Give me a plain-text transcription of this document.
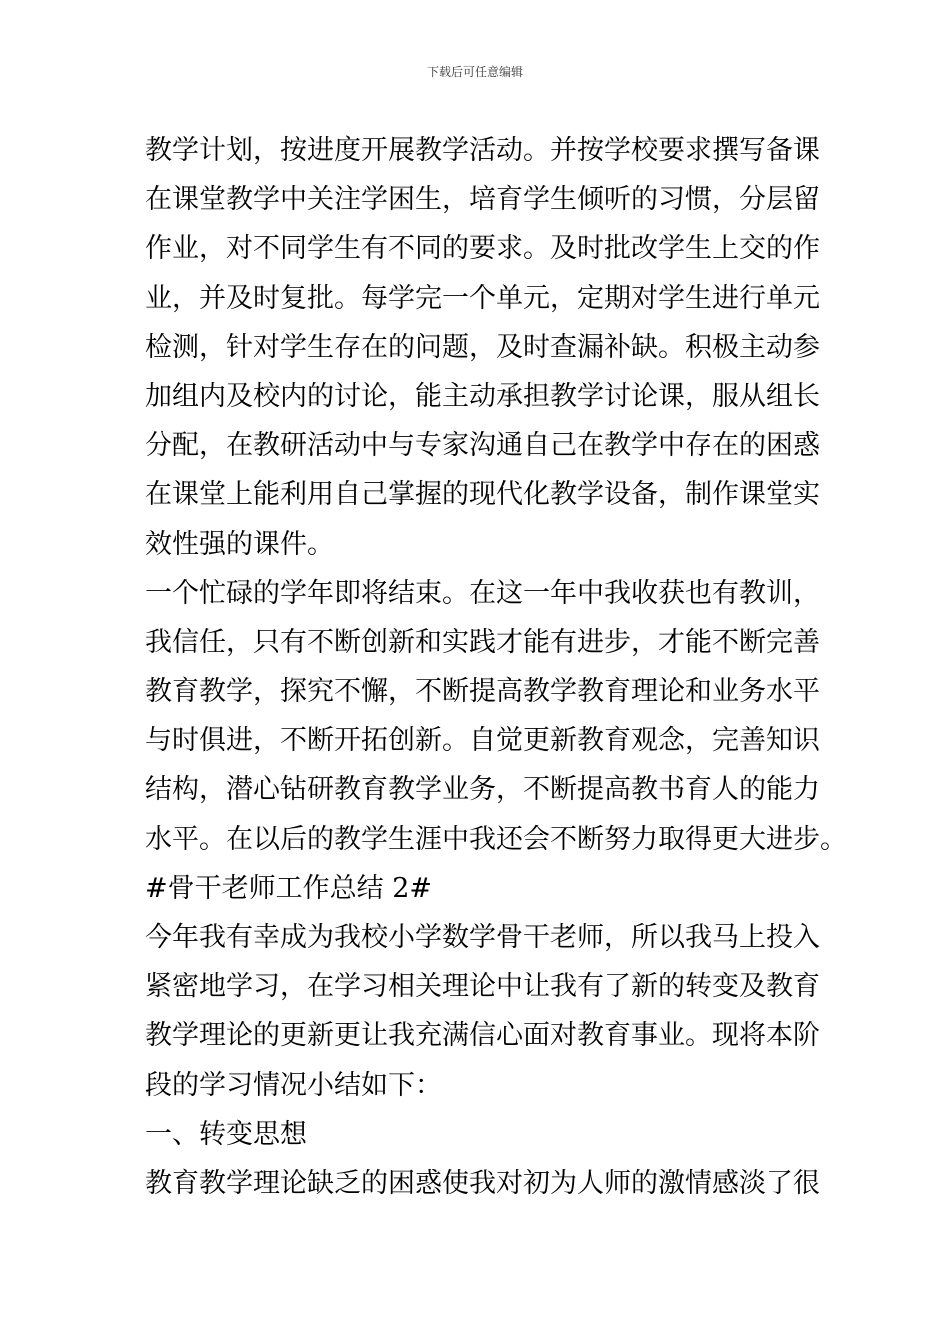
下载后可任意编辑
教学计划，按进度开展教学活动。并按学校要求撰写备课
在课堂教学中关注学困生，培育学生倾听的习惯，分层留
作业，对不同学生有不同的要求。及时批改学生上交的作
业，并及时复批。每学完一个单元，定期对学生进行单元
检测，针对学生存在的问题，及时查漏补缺。积极主动参
加组内及校内的讨论，能主动承担教学讨论课，服从组长
分配，在教研活动中与专家沟通自己在教学中存在的困惑
在课堂上能利用自己掌握的现代化教学设备，制作课堂实
效性强的课件。
一个忙碌的学年即将结束。在这一年中我收获也有教训，
我信任，只有不断创新和实践才能有进步，才能不断完善
教育教学，探究不懈，不断提高教学教育理论和业务水平
与时俱进，不断开拓创新。自觉更新教育观念，完善知识
结构，潜心钻研教育教学业务，不断提高教书育人的能力
水平。在以后的教学生涯中我还会不断努力取得更大进步。
#骨干老师工作总结 2#
今年我有幸成为我校小学数学骨干老师，所以我马上投入
紧密地学习，在学习相关理论中让我有了新的转变及教育
教学理论的更新更让我充满信心面对教育事业。现将本阶
段的学习情况小结如下：
一、转变思想
教育教学理论缺乏的困惑使我对初为人师的激情感淡了很
